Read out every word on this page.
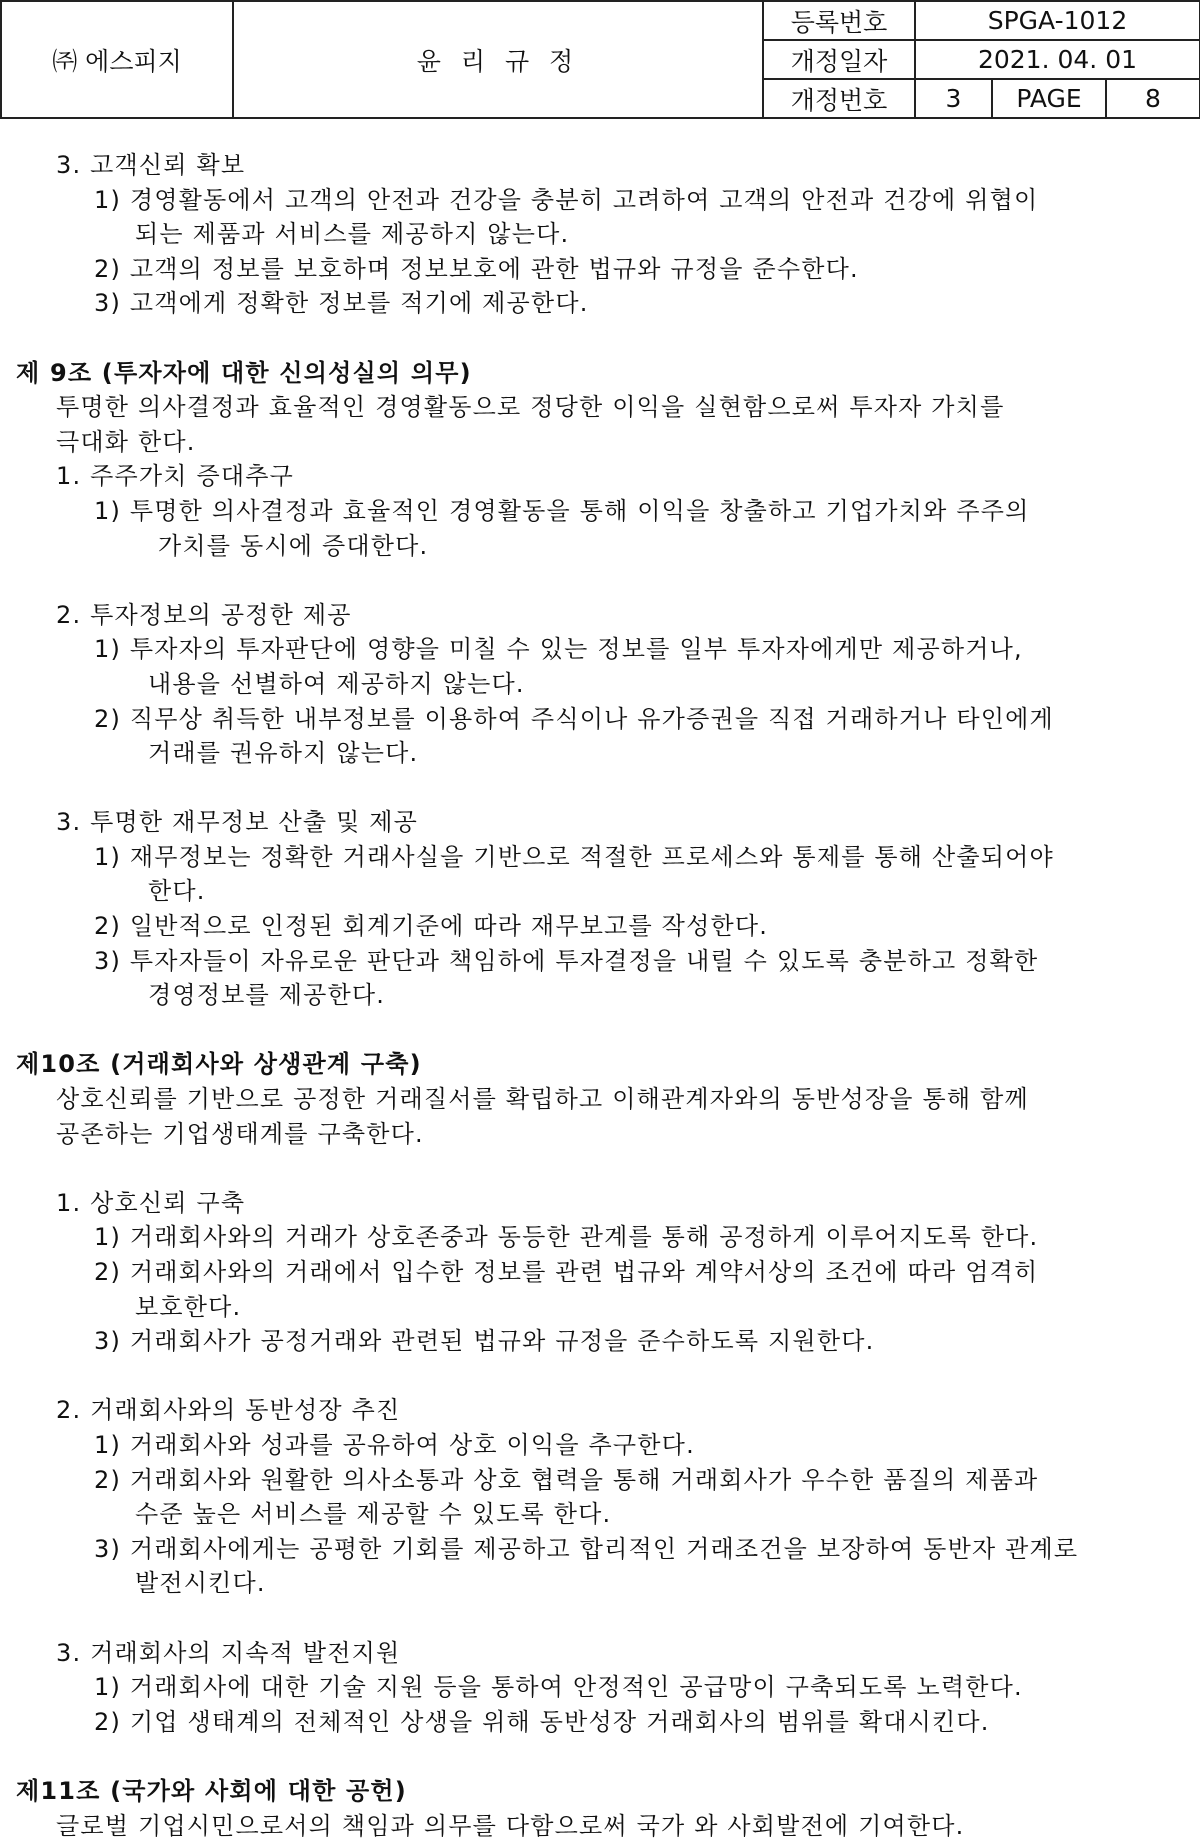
㈜ 에스피지	윤 리 규 정	등록번호	SPGA-1012		
		개정일자	2021. 04. 01		
		개정번호	3	PAGE	8
3. 고객신뢰 확보
1) 경영활동에서 고객의 안전과 건강을 충분히 고려하여 고객의 안전과 건강에 위협이
되는 제품과 서비스를 제공하지 않는다.
2) 고객의 정보를 보호하며 정보보호에 관한 법규와 규정을 준수한다.
3) 고객에게 정확한 정보를 적기에 제공한다.
제 9조 (투자자에 대한 신의성실의 의무)
투명한 의사결정과 효율적인 경영활동으로 정당한 이익을 실현함으로써 투자자 가치를
극대화 한다.
1. 주주가치 증대추구
1) 투명한 의사결정과 효율적인 경영활동을 통해 이익을 창출하고 기업가치와 주주의
가치를 동시에 증대한다.
2. 투자정보의 공정한 제공
1) 투자자의 투자판단에 영향을 미칠 수 있는 정보를 일부 투자자에게만 제공하거나,
내용을 선별하여 제공하지 않는다.
2) 직무상 취득한 내부정보를 이용하여 주식이나 유가증권을 직접 거래하거나 타인에게
거래를 권유하지 않는다.
3. 투명한 재무정보 산출 및 제공
1) 재무정보는 정확한 거래사실을 기반으로 적절한 프로세스와 통제를 통해 산출되어야
한다.
2) 일반적으로 인정된 회계기준에 따라 재무보고를 작성한다.
3) 투자자들이 자유로운 판단과 책임하에 투자결정을 내릴 수 있도록 충분하고 정확한
경영정보를 제공한다.
제10조 (거래회사와 상생관계 구축)
상호신뢰를 기반으로 공정한 거래질서를 확립하고 이해관계자와의 동반성장을 통해 함께
공존하는 기업생태계를 구축한다.
1. 상호신뢰 구축
1) 거래회사와의 거래가 상호존중과 동등한 관계를 통해 공정하게 이루어지도록 한다.
2) 거래회사와의 거래에서 입수한 정보를 관련 법규와 계약서상의 조건에 따라 엄격히
보호한다.
3) 거래회사가 공정거래와 관련된 법규와 규정을 준수하도록 지원한다.
2. 거래회사와의 동반성장 추진
1) 거래회사와 성과를 공유하여 상호 이익을 추구한다.
2) 거래회사와 원활한 의사소통과 상호 협력을 통해 거래회사가 우수한 품질의 제품과
수준 높은 서비스를 제공할 수 있도록 한다.
3) 거래회사에게는 공평한 기회를 제공하고 합리적인 거래조건을 보장하여 동반자 관계로
발전시킨다.
3. 거래회사의 지속적 발전지원
1) 거래회사에 대한 기술 지원 등을 통하여 안정적인 공급망이 구축되도록 노력한다.
2) 기업 생태계의 전체적인 상생을 위해 동반성장 거래회사의 범위를 확대시킨다.
제11조 (국가와 사회에 대한 공헌)
글로벌 기업시민으로서의 책임과 의무를 다함으로써 국가 와 사회발전에 기여한다.
